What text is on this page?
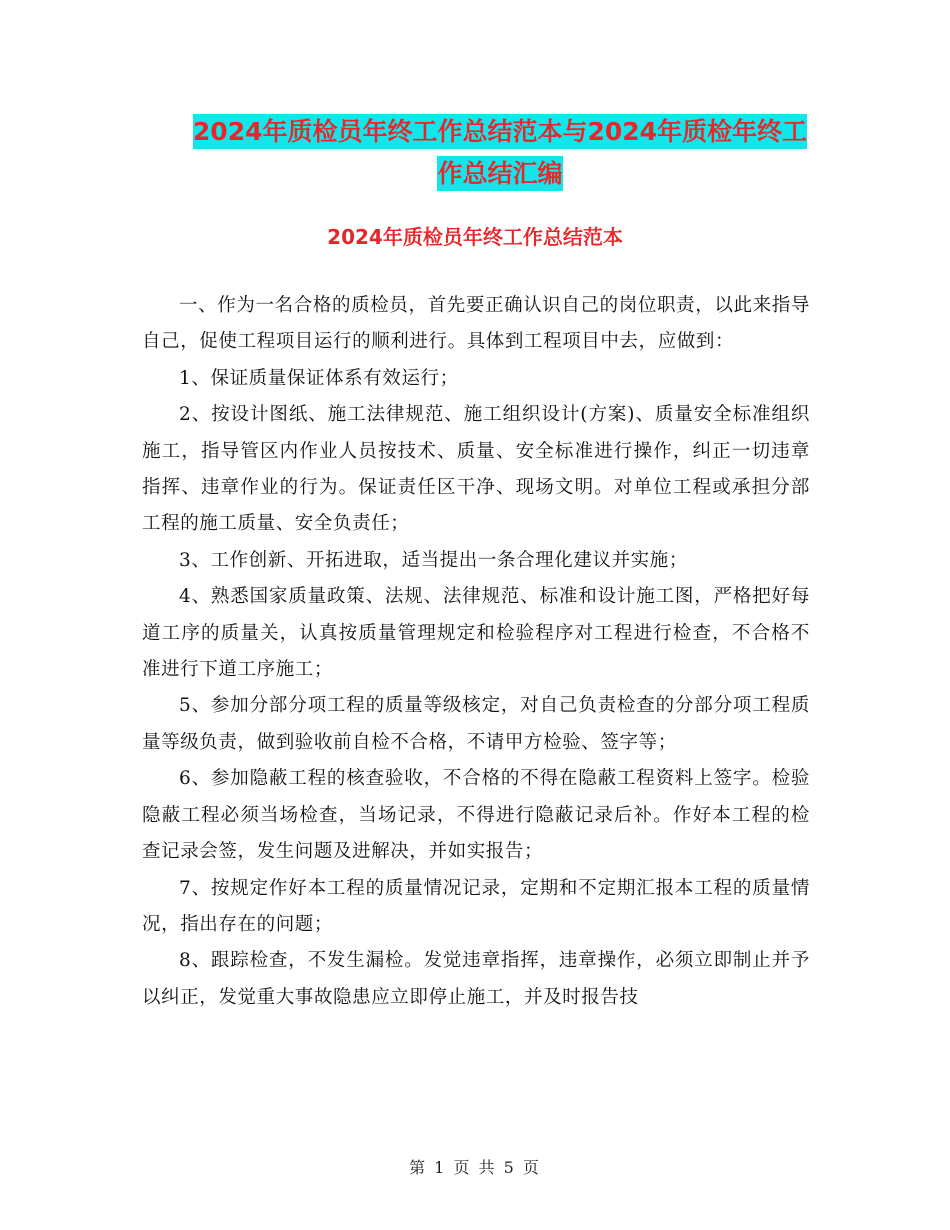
2024年质检员年终工作总结范本与2024年质检年终工
作总结汇编
2024年质检员年终工作总结范本

一、作为一名合格的质检员，首先要正确认识自己的岗位职责，以此来指导自己，促使工程项目运行的顺利进行。具体到工程项目中去，应做到：

1、保证质量保证体系有效运行；

2、按设计图纸、施工法律规范、施工组织设计(方案)、质量安全标准组织施工，指导管区内作业人员按技术、质量、安全标准进行操作，纠正一切违章指挥、违章作业的行为。保证责任区干净、现场文明。对单位工程或承担分部工程的施工质量、安全负责任；

3、工作创新、开拓进取，适当提出一条合理化建议并实施；

4、熟悉国家质量政策、法规、法律规范、标准和设计施工图，严格把好每道工序的质量关，认真按质量管理规定和检验程序对工程进行检查，不合格不准进行下道工序施工；

5、参加分部分项工程的质量等级核定，对自己负责检查的分部分项工程质量等级负责，做到验收前自检不合格，不请甲方检验、签字等；

6、参加隐蔽工程的核查验收，不合格的不得在隐蔽工程资料上签字。检验隐蔽工程必须当场检查，当场记录，不得进行隐蔽记录后补。作好本工程的检查记录会签，发生问题及进解决，并如实报告；

7、按规定作好本工程的质量情况记录，定期和不定期汇报本工程的质量情况，指出存在的问题；

8、跟踪检查，不发生漏检。发觉违章指挥，违章操作，必须立即制止并予以纠正，发觉重大事故隐患应立即停止施工，并及时报告技

第 1 页 共 5 页
